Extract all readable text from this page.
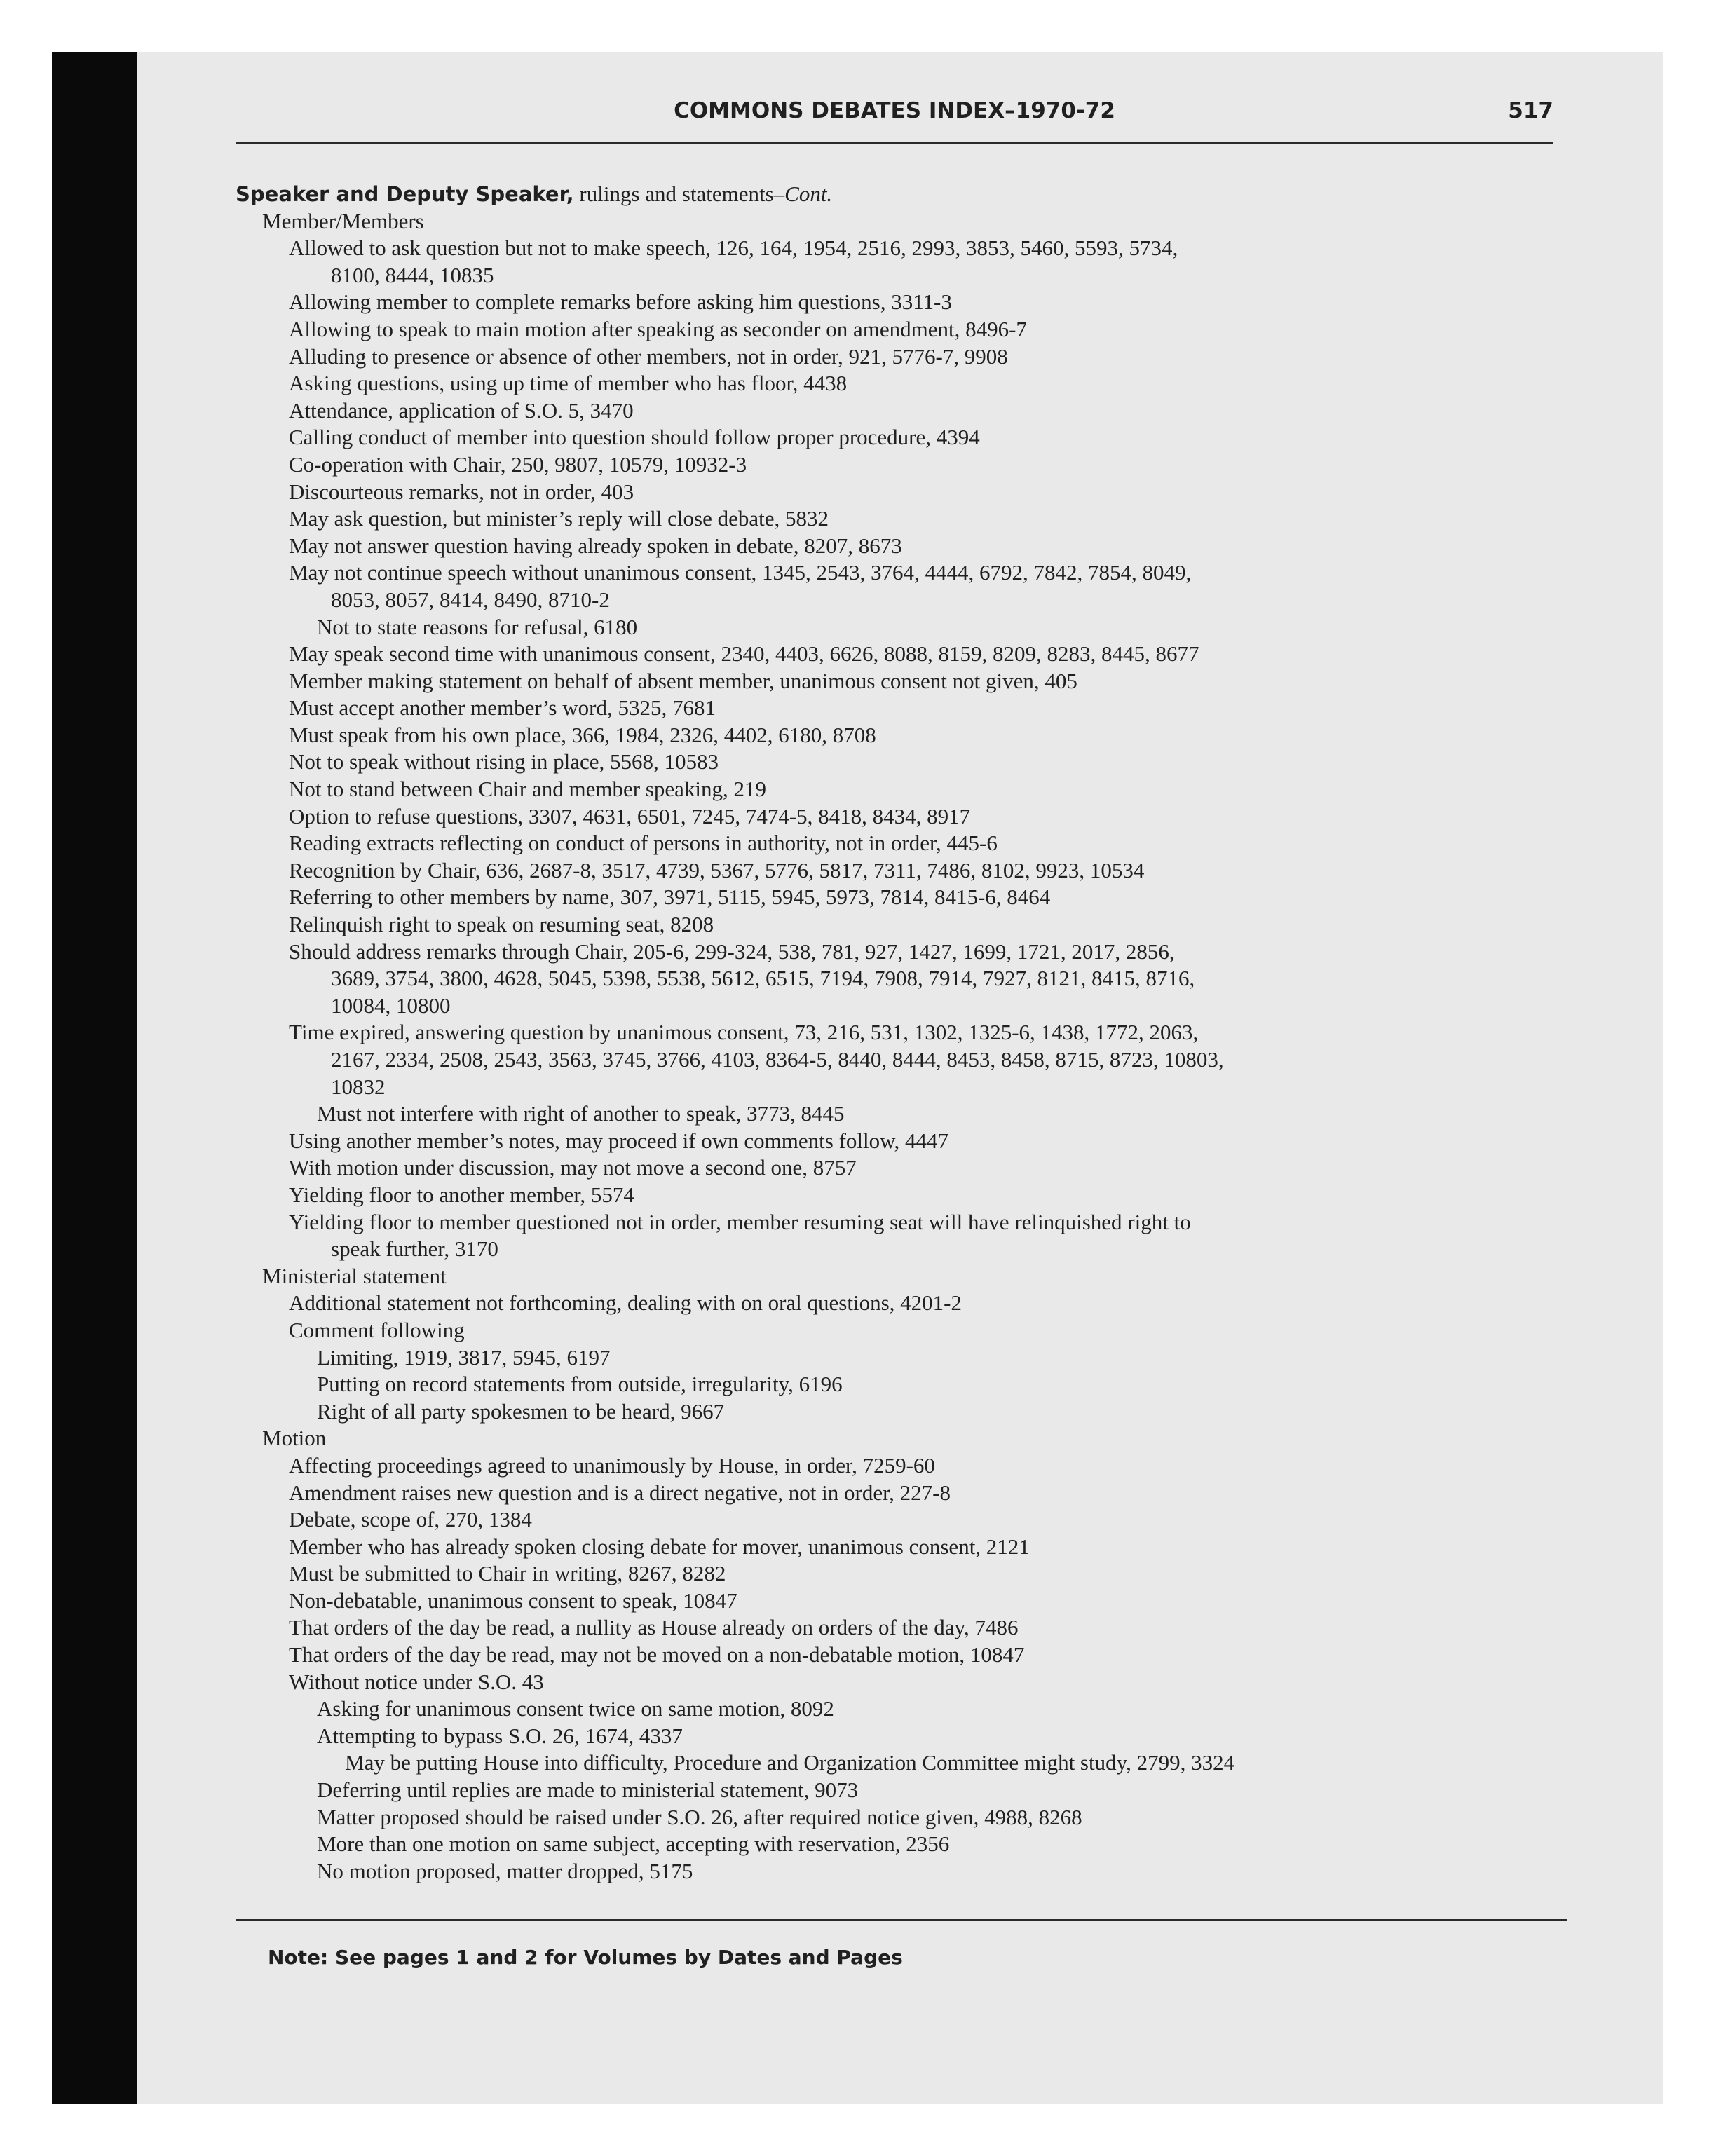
COMMONS DEBATES INDEX–1970-72	517
Speaker and Deputy Speaker, rulings and statements–Cont.
Member/Members
Allowed to ask question but not to make speech, 126, 164, 1954, 2516, 2993, 3853, 5460, 5593, 5734,
8100, 8444, 10835
Allowing member to complete remarks before asking him questions, 3311-3
Allowing to speak to main motion after speaking as seconder on amendment, 8496-7
Alluding to presence or absence of other members, not in order, 921, 5776-7, 9908
Asking questions, using up time of member who has floor, 4438
Attendance, application of S.O. 5, 3470
Calling conduct of member into question should follow proper procedure, 4394
Co-operation with Chair, 250, 9807, 10579, 10932-3
Discourteous remarks, not in order, 403
May ask question, but minister’s reply will close debate, 5832
May not answer question having already spoken in debate, 8207, 8673
May not continue speech without unanimous consent, 1345, 2543, 3764, 4444, 6792, 7842, 7854, 8049,
8053, 8057, 8414, 8490, 8710-2
Not to state reasons for refusal, 6180
May speak second time with unanimous consent, 2340, 4403, 6626, 8088, 8159, 8209, 8283, 8445, 8677
Member making statement on behalf of absent member, unanimous consent not given, 405
Must accept another member’s word, 5325, 7681
Must speak from his own place, 366, 1984, 2326, 4402, 6180, 8708
Not to speak without rising in place, 5568, 10583
Not to stand between Chair and member speaking, 219
Option to refuse questions, 3307, 4631, 6501, 7245, 7474-5, 8418, 8434, 8917
Reading extracts reflecting on conduct of persons in authority, not in order, 445-6
Recognition by Chair, 636, 2687-8, 3517, 4739, 5367, 5776, 5817, 7311, 7486, 8102, 9923, 10534
Referring to other members by name, 307, 3971, 5115, 5945, 5973, 7814, 8415-6, 8464
Relinquish right to speak on resuming seat, 8208
Should address remarks through Chair, 205-6, 299-324, 538, 781, 927, 1427, 1699, 1721, 2017, 2856,
3689, 3754, 3800, 4628, 5045, 5398, 5538, 5612, 6515, 7194, 7908, 7914, 7927, 8121, 8415, 8716,
10084, 10800
Time expired, answering question by unanimous consent, 73, 216, 531, 1302, 1325-6, 1438, 1772, 2063,
2167, 2334, 2508, 2543, 3563, 3745, 3766, 4103, 8364-5, 8440, 8444, 8453, 8458, 8715, 8723, 10803,
10832
Must not interfere with right of another to speak, 3773, 8445
Using another member’s notes, may proceed if own comments follow, 4447
With motion under discussion, may not move a second one, 8757
Yielding floor to another member, 5574
Yielding floor to member questioned not in order, member resuming seat will have relinquished right to
speak further, 3170
Ministerial statement
Additional statement not forthcoming, dealing with on oral questions, 4201-2
Comment following
Limiting, 1919, 3817, 5945, 6197
Putting on record statements from outside, irregularity, 6196
Right of all party spokesmen to be heard, 9667
Motion
Affecting proceedings agreed to unanimously by House, in order, 7259-60
Amendment raises new question and is a direct negative, not in order, 227-8
Debate, scope of, 270, 1384
Member who has already spoken closing debate for mover, unanimous consent, 2121
Must be submitted to Chair in writing, 8267, 8282
Non-debatable, unanimous consent to speak, 10847
That orders of the day be read, a nullity as House already on orders of the day, 7486
That orders of the day be read, may not be moved on a non-debatable motion, 10847
Without notice under S.O. 43
Asking for unanimous consent twice on same motion, 8092
Attempting to bypass S.O. 26, 1674, 4337
May be putting House into difficulty, Procedure and Organization Committee might study, 2799, 3324
Deferring until replies are made to ministerial statement, 9073
Matter proposed should be raised under S.O. 26, after required notice given, 4988, 8268
More than one motion on same subject, accepting with reservation, 2356
No motion proposed, matter dropped, 5175
Note: See pages 1 and 2 for Volumes by Dates and Pages
